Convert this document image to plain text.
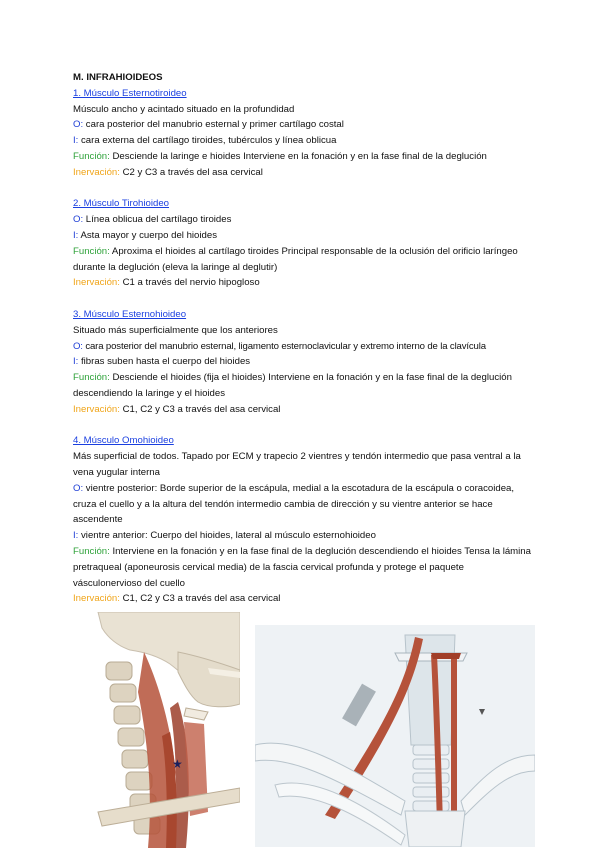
M. INFRAHIOIDEOS
1. Músculo Esternotiroideo
Músculo ancho y acintado situado en la profundidad
O: cara posterior del manubrio esternal y primer cartílago costal
I: cara externa del cartílago tiroides, tubérculos y línea oblicua
Función: Desciende la laringe e hioides Interviene en la fonación y en la fase final de la deglución
Inervación: C2 y C3 a través del asa cervical
2. Músculo Tirohioideo
O: Línea oblicua del cartílago tiroides
I: Asta mayor y cuerpo del hioides
Función: Aproxima el hioides al cartílago tiroides Principal responsable de la oclusión del orificio laríngeo durante la deglución (eleva la laringe al deglutir)
Inervación: C1 a través del nervio hipogloso
3. Músculo Esternohioideo
Situado más superficialmente que los anteriores
O: cara posterior del manubrio esternal, ligamento esternoclavicular y extremo interno de la clavícula
I: fibras suben hasta el cuerpo del hioides
Función: Desciende el hioides (fija el hioides) Interviene en la fonación y en la fase final de la deglución descendiendo la laringe y el hioides
Inervación: C1, C2 y C3 a través del asa cervical
4. Músculo Omohioideo
Más superficial de todos. Tapado por ECM y trapecio 2 vientres y tendón intermedio que pasa ventral a la vena yugular interna
O: vientre posterior: Borde superior de la escápula, medial a la escotadura de la escápula o coracoidea, cruza el cuello y a la altura del tendón intermedio cambia de dirección y su vientre anterior se hace ascendente
I: vientre anterior: Cuerpo del hioides, lateral al músculo esternohioideo
Función: Interviene en la fonación y en la fase final de la deglución descendiendo el hioides Tensa la lámina pretraqueal (aponeurosis cervical media) de la fascia cervical profunda y protege el paquete vásculonervioso del cuello
Inervación: C1, C2 y C3 a través del asa cervical
★
